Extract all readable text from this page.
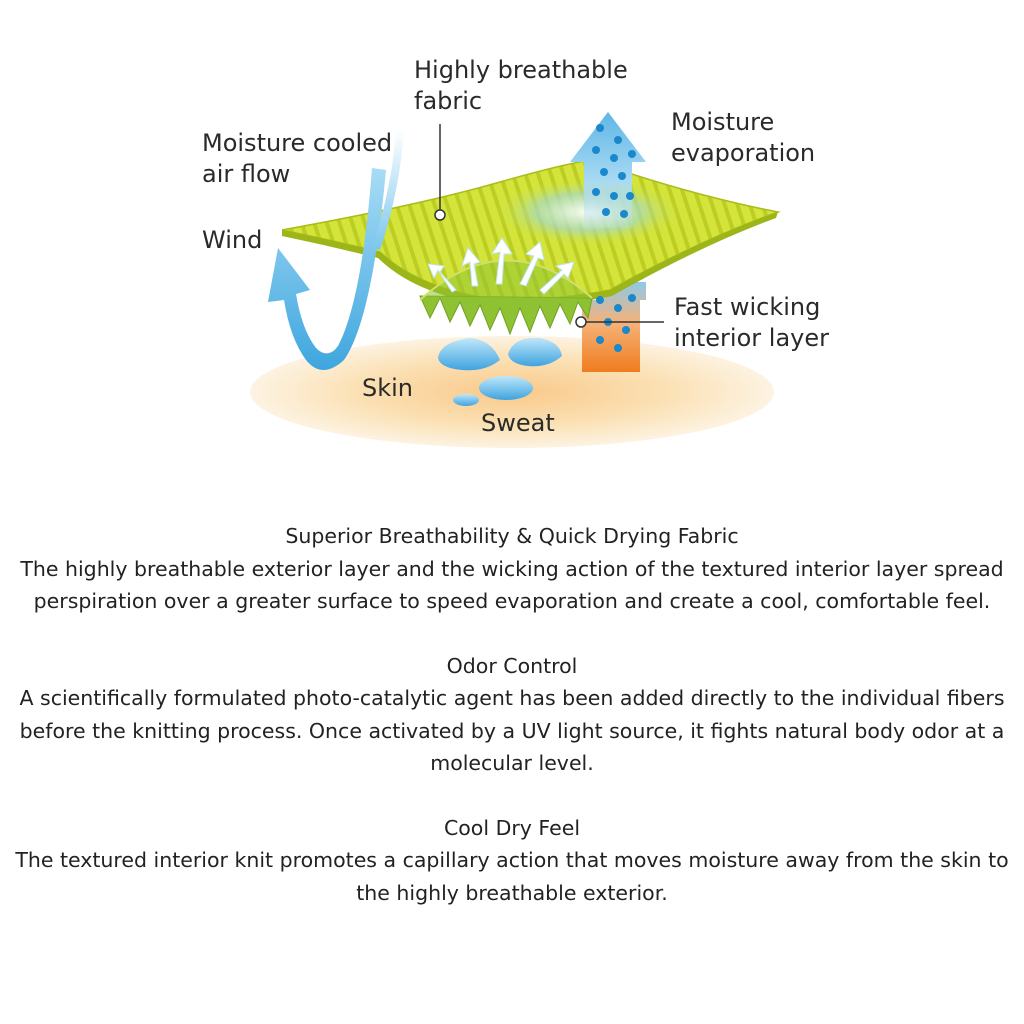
Highly breathable
fabric
Moisture cooled
air flow
Moisture
evaporation
Wind
Fast wicking
interior layer
Skin
Sweat
Superior Breathability & Quick Drying Fabric

The highly breathable exterior layer and the wicking action of the textured interior layer spread perspiration over a greater surface to speed evaporation and create a cool, comfortable feel.

Odor Control

A scientifically formulated photo-catalytic agent has been added directly to the individual fibers before the knitting process. Once activated by a UV light source, it fights natural body odor at a molecular level.

Cool Dry Feel

The textured interior knit promotes a capillary action that moves moisture away from the skin to the highly breathable exterior.
